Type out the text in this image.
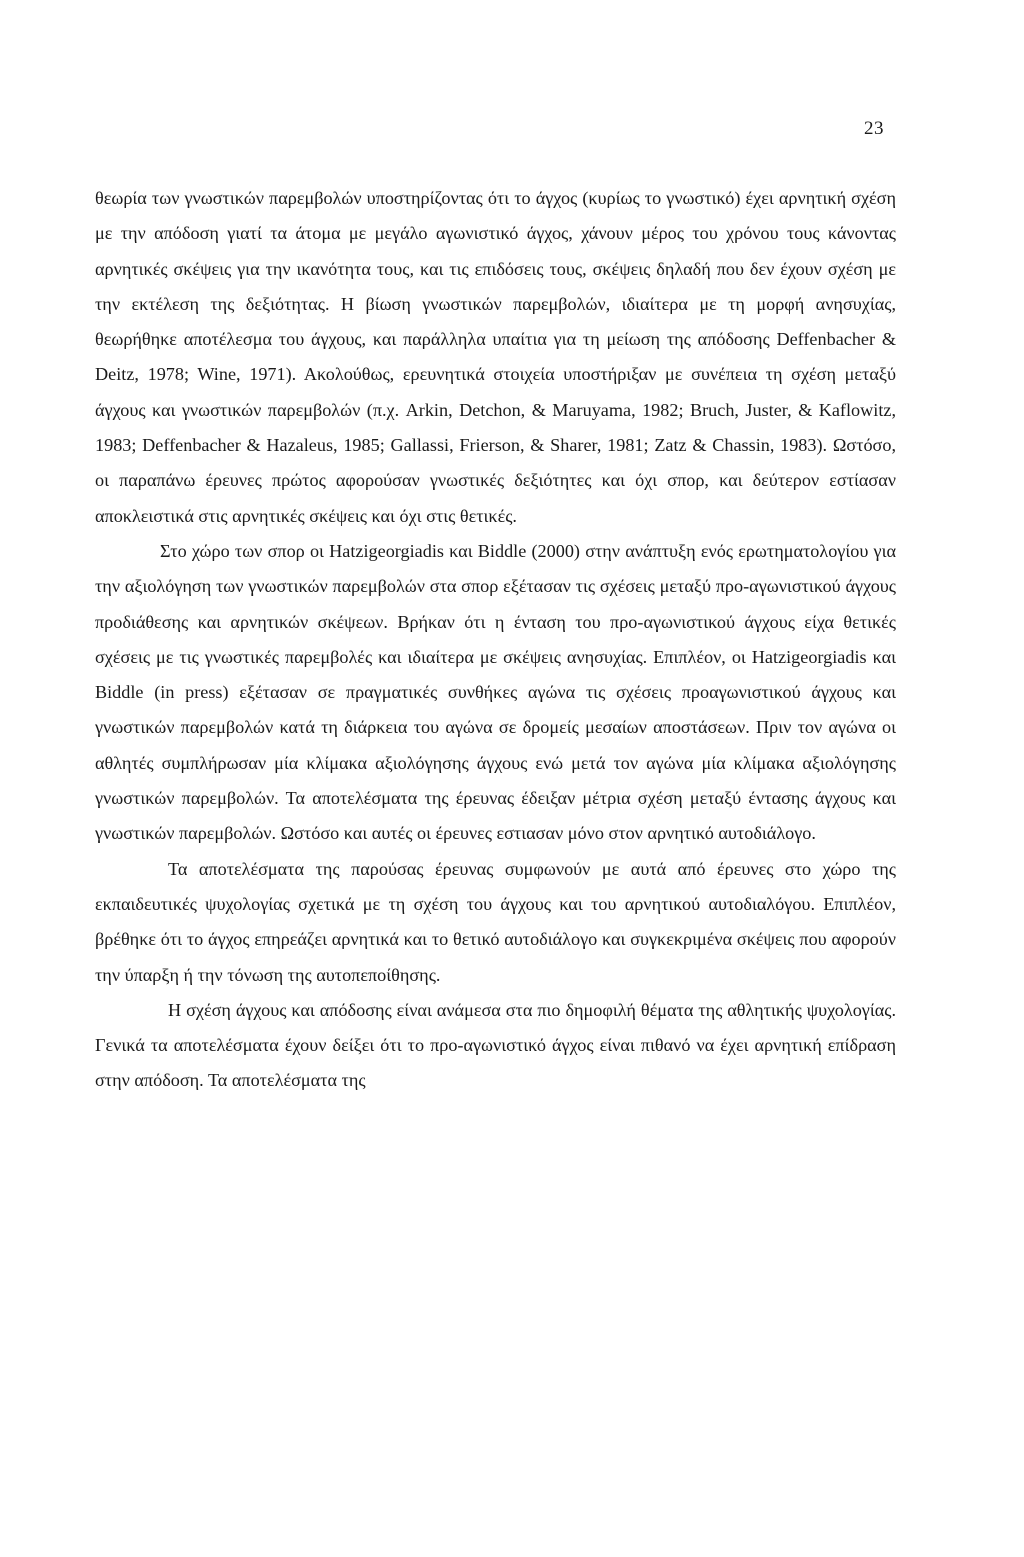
23

θεωρία των γνωστικών παρεμβολών υποστηρίζοντας ότι το άγχος (κυρίως το γνωστικό) έχει αρνητική σχέση με την απόδοση γιατί τα άτομα με μεγάλο αγωνιστικό άγχος, χάνουν μέρος του χρόνου τους κάνοντας αρνητικές σκέψεις για την ικανότητα τους, και τις επιδόσεις τους, σκέψεις δηλαδή που δεν έχουν σχέση με την εκτέλεση της δεξιότητας. Η βίωση γνωστικών παρεμβολών, ιδιαίτερα με τη μορφή ανησυχίας, θεωρήθηκε αποτέλεσμα του άγχους, και παράλληλα υπαίτια για τη μείωση της απόδοσης Deffenbacher & Deitz, 1978; Wine, 1971). Ακολούθως, ερευνητικά στοιχεία υποστήριξαν με συνέπεια τη σχέση μεταξύ άγχους και γνωστικών παρεμβολών (π.χ. Arkin, Detchon, & Maruyama, 1982; Bruch, Juster, & Kaflowitz, 1983; Deffenbacher & Hazaleus, 1985; Gallassi, Frierson, & Sharer, 1981; Zatz & Chassin, 1983). Ωστόσο, οι παραπάνω έρευνες πρώτος αφορούσαν γνωστικές δεξιότητες και όχι σπορ, και δεύτερον εστίασαν αποκλειστικά στις αρνητικές σκέψεις και όχι στις θετικές.

Στο χώρο των σπορ οι Hatzigeorgiadis και Biddle (2000) στην ανάπτυξη ενός ερωτηματολογίου για την αξιολόγηση των γνωστικών παρεμβολών στα σπορ εξέτασαν τις σχέσεις μεταξύ προ-αγωνιστικού άγχους προδιάθεσης και αρνητικών σκέψεων. Βρήκαν ότι η ένταση του προ-αγωνιστικού άγχους είχα θετικές σχέσεις με τις γνωστικές παρεμβολές και ιδιαίτερα με σκέψεις ανησυχίας. Επιπλέον, οι Hatzigeorgiadis και Biddle (in press) εξέτασαν σε πραγματικές συνθήκες αγώνα τις σχέσεις προαγωνιστικού άγχους και γνωστικών παρεμβολών κατά τη διάρκεια του αγώνα σε δρομείς μεσαίων αποστάσεων. Πριν τον αγώνα οι αθλητές συμπλήρωσαν μία κλίμακα αξιολόγησης άγχους ενώ μετά τον αγώνα μία κλίμακα αξιολόγησης γνωστικών παρεμβολών. Τα αποτελέσματα της έρευνας έδειξαν μέτρια σχέση μεταξύ έντασης άγχους και γνωστικών παρεμβολών. Ωστόσο και αυτές οι έρευνες εστιασαν μόνο στον αρνητικό αυτοδιάλογο.

Τα αποτελέσματα της παρούσας έρευνας συμφωνούν με αυτά από έρευνες στο χώρο της εκπαιδευτικές ψυχολογίας σχετικά με τη σχέση του άγχους και του αρνητικού αυτοδιαλόγου. Επιπλέον, βρέθηκε ότι το άγχος επηρεάζει αρνητικά και το θετικό αυτοδιάλογο και συγκεκριμένα σκέψεις που αφορούν την ύπαρξη ή την τόνωση της αυτοπεποίθησης.

Η σχέση άγχους και απόδοσης είναι ανάμεσα στα πιο δημοφιλή θέματα της αθλητικής ψυχολογίας. Γενικά τα αποτελέσματα έχουν δείξει ότι το προ-αγωνιστικό άγχος είναι πιθανό να έχει αρνητική επίδραση στην απόδοση. Τα αποτελέσματα της
